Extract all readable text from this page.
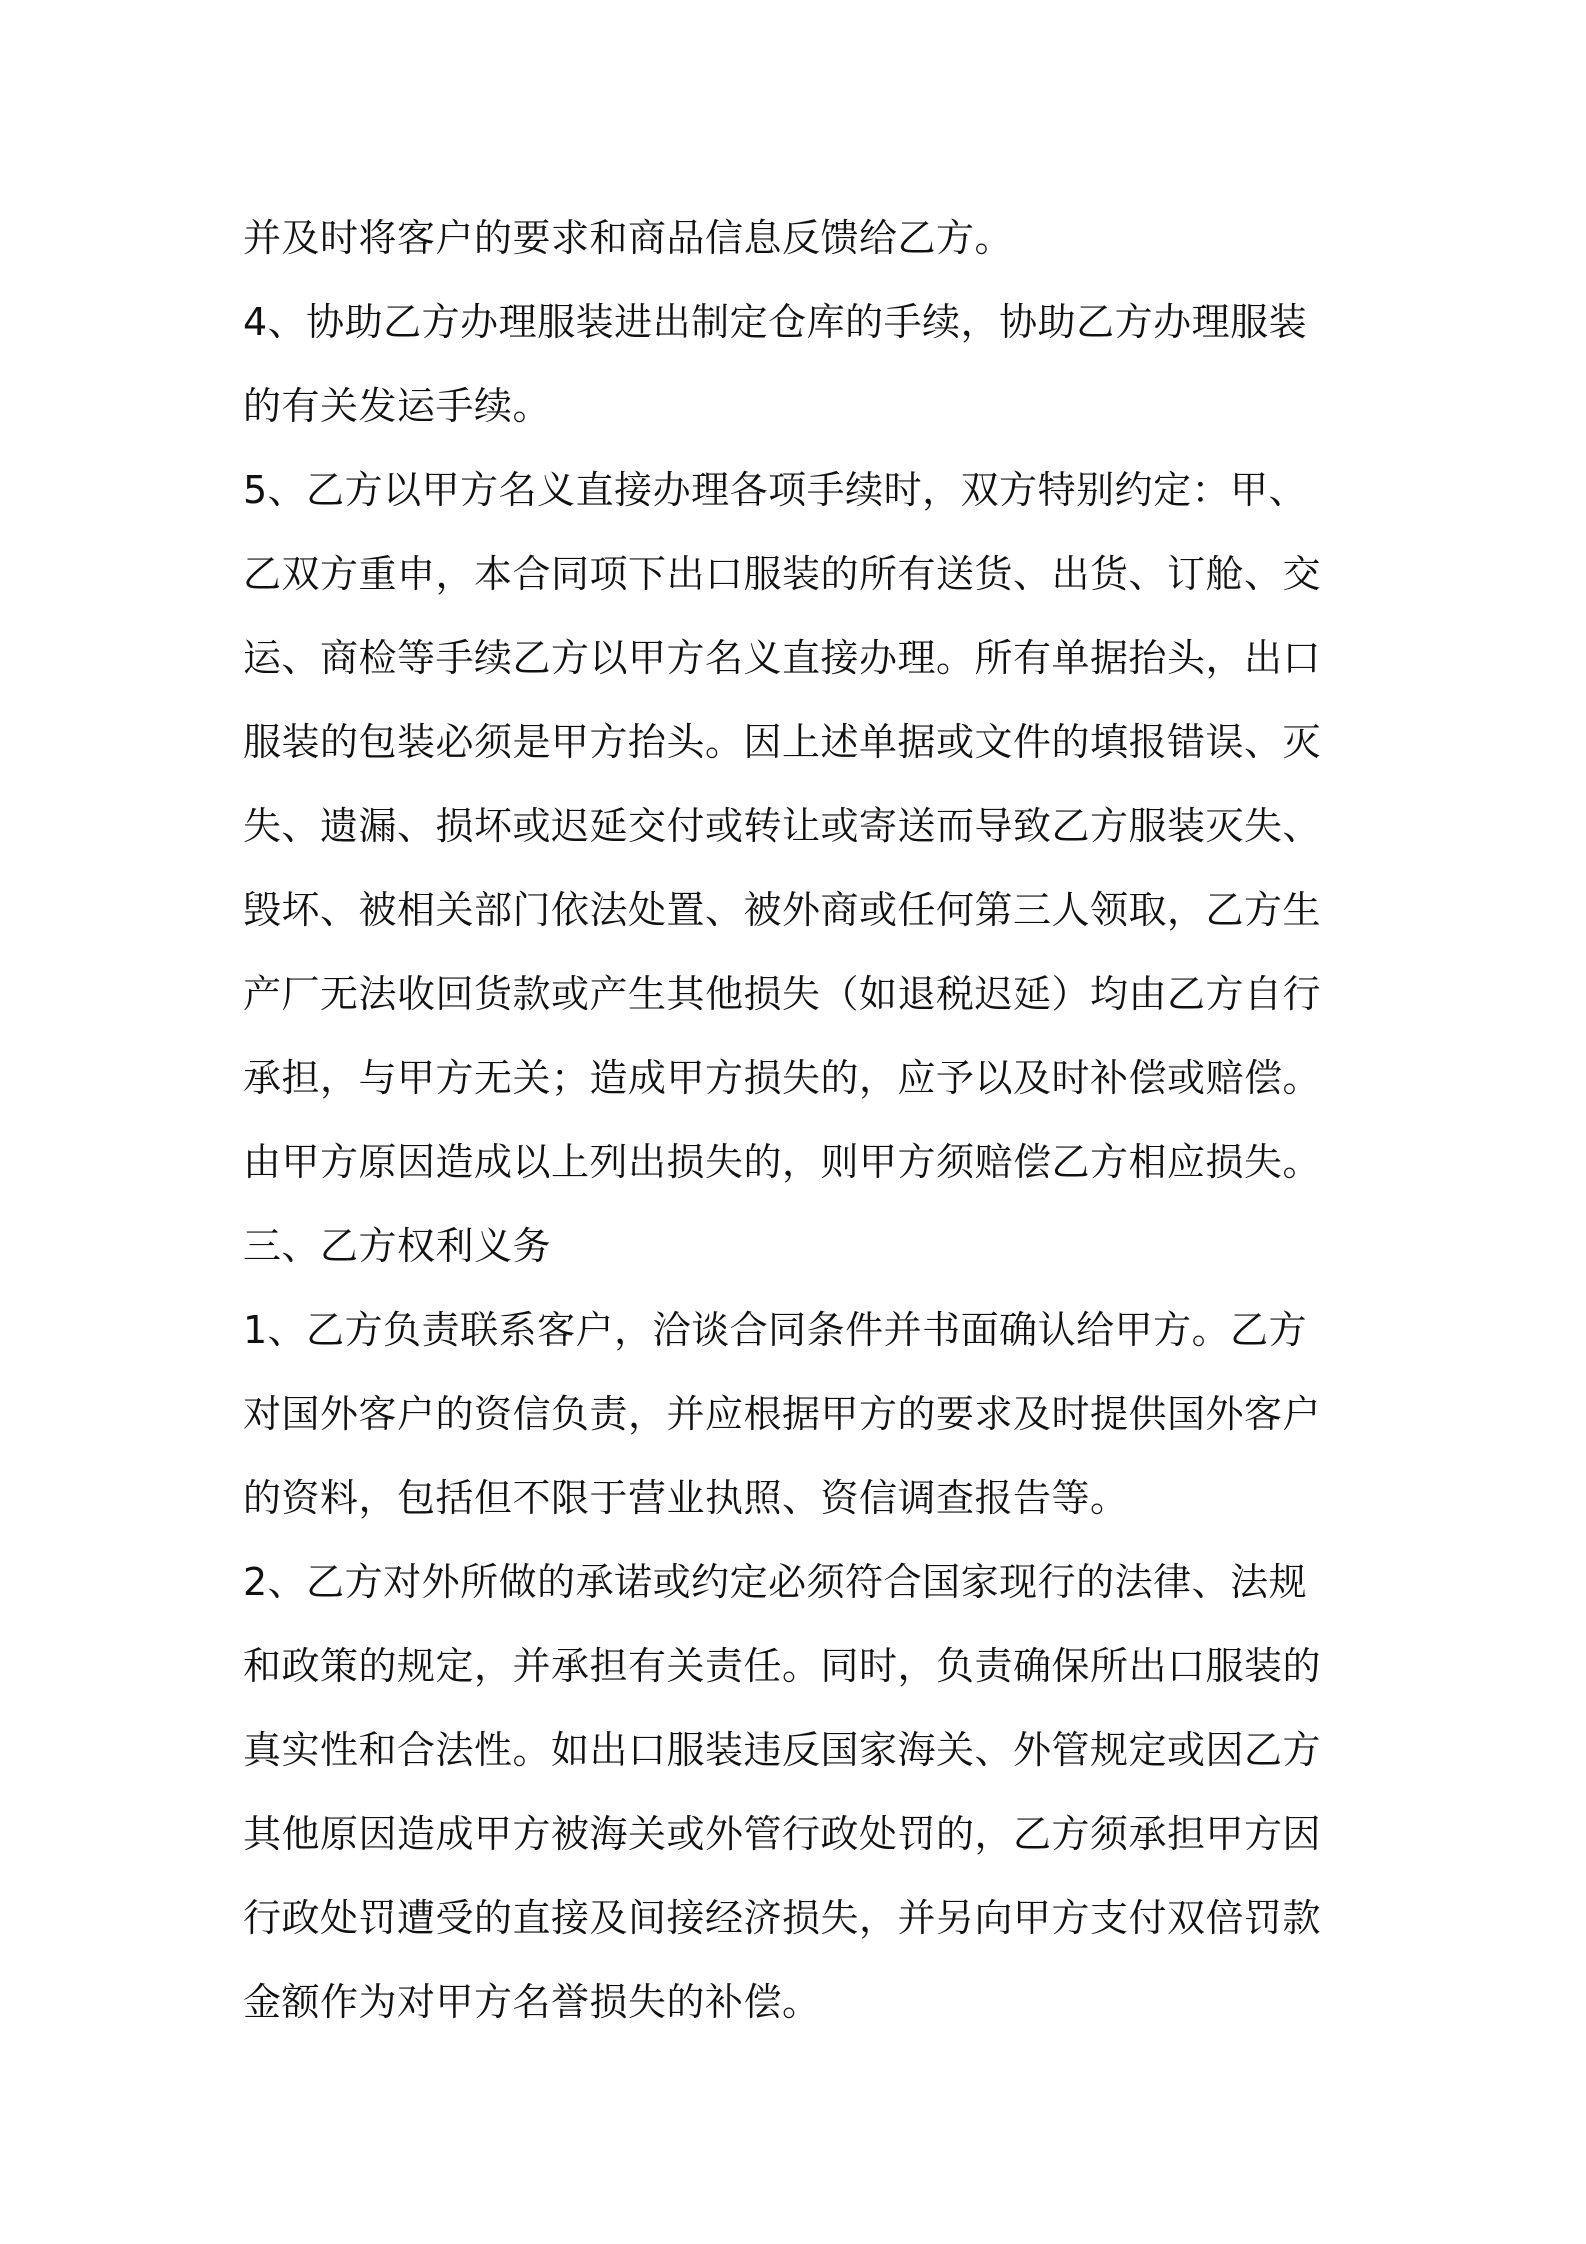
并及时将客户的要求和商品信息反馈给乙方。
4、协助乙方办理服装进出制定仓库的手续，协助乙方办理服装
的有关发运手续。
5、乙方以甲方名义直接办理各项手续时，双方特别约定：甲、
乙双方重申，本合同项下出口服装的所有送货、出货、订舱、交
运、商检等手续乙方以甲方名义直接办理。所有单据抬头，出口
服装的包装必须是甲方抬头。因上述单据或文件的填报错误、灭
失、遗漏、损坏或迟延交付或转让或寄送而导致乙方服装灭失、
毁坏、被相关部门依法处置、被外商或任何第三人领取，乙方生
产厂无法收回货款或产生其他损失（如退税迟延）均由乙方自行
承担，与甲方无关；造成甲方损失的，应予以及时补偿或赔偿。
由甲方原因造成以上列出损失的，则甲方须赔偿乙方相应损失。
三、乙方权利义务
1、乙方负责联系客户，洽谈合同条件并书面确认给甲方。乙方
对国外客户的资信负责，并应根据甲方的要求及时提供国外客户
的资料，包括但不限于营业执照、资信调查报告等。
2、乙方对外所做的承诺或约定必须符合国家现行的法律、法规
和政策的规定，并承担有关责任。同时，负责确保所出口服装的
真实性和合法性。如出口服装违反国家海关、外管规定或因乙方
其他原因造成甲方被海关或外管行政处罚的，乙方须承担甲方因
行政处罚遭受的直接及间接经济损失，并另向甲方支付双倍罚款
金额作为对甲方名誉损失的补偿。
